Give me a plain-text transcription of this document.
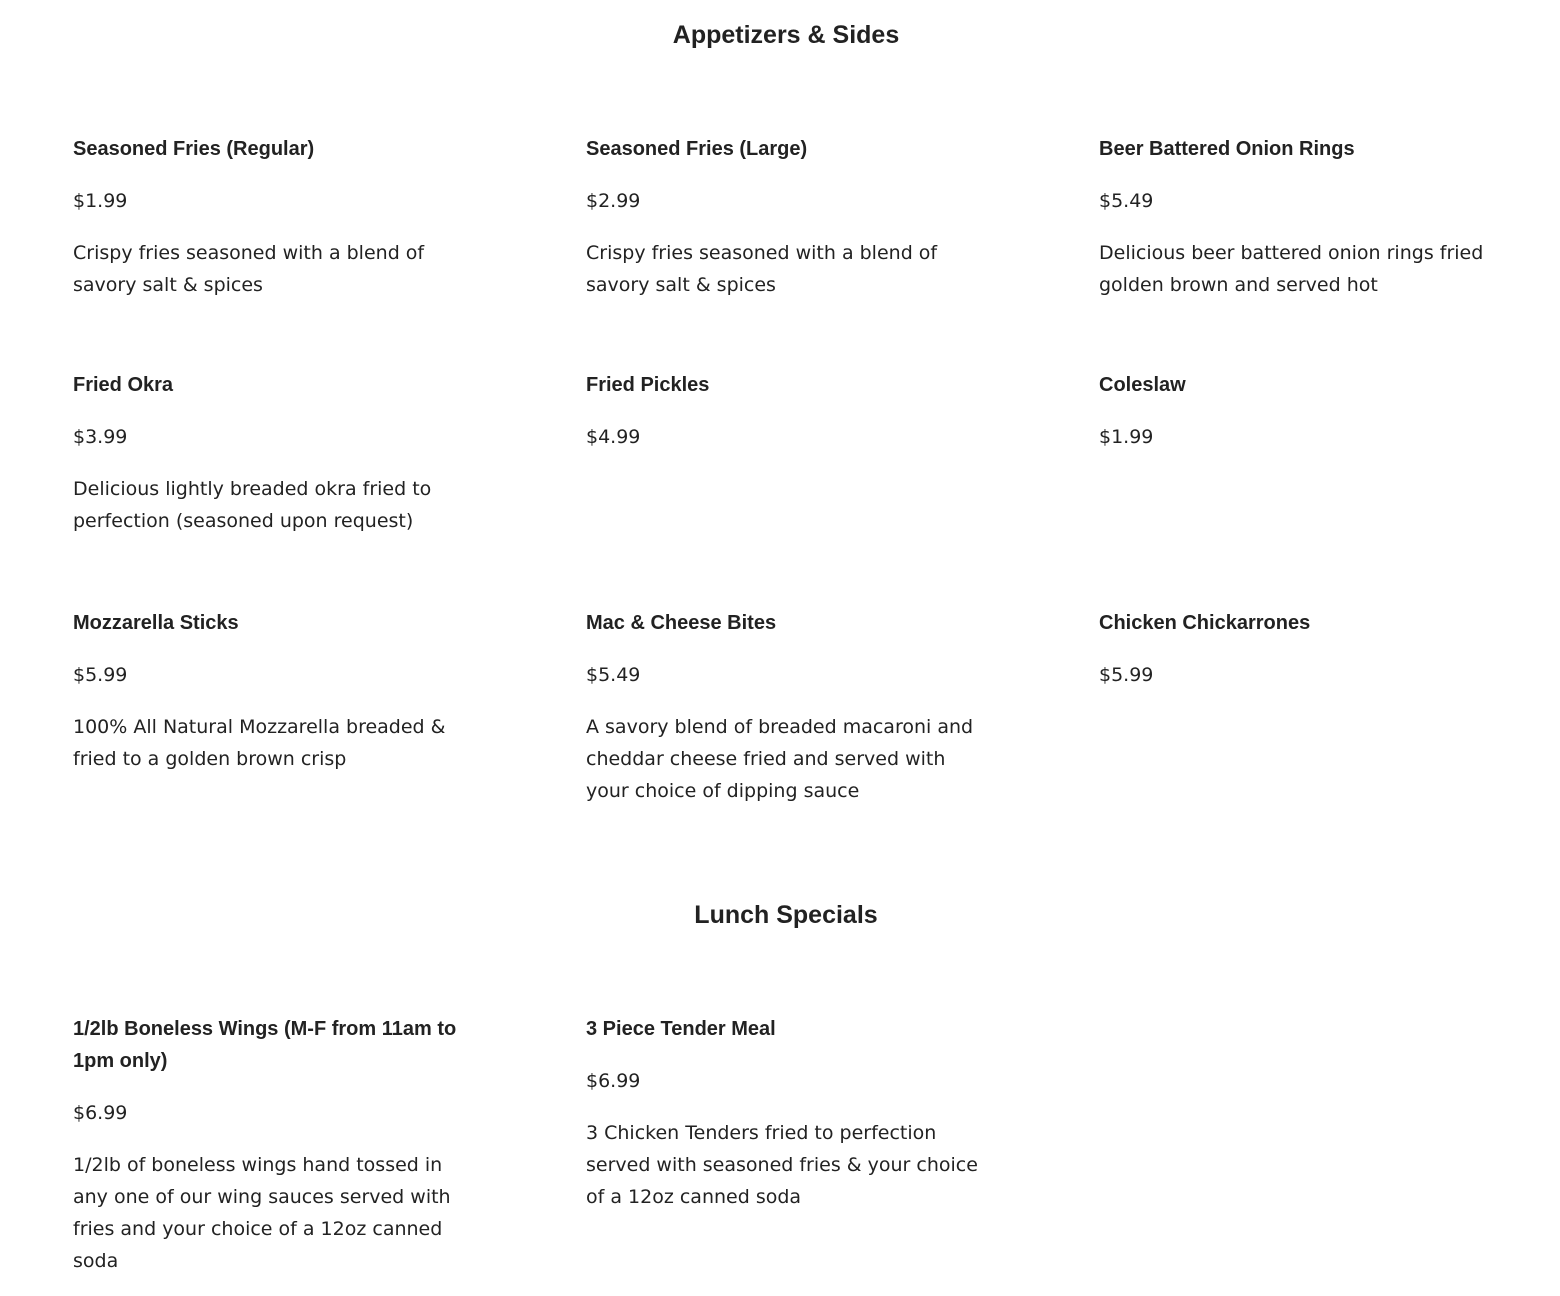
Appetizers & Sides

Seasoned Fries (Regular)

$1.99

Crispy fries seasoned with a blend of savory salt & spices

Seasoned Fries (Large)

$2.99

Crispy fries seasoned with a blend of savory salt & spices

Beer Battered Onion Rings

$5.49

Delicious beer battered onion rings fried golden brown and served hot

Fried Okra

$3.99

Delicious lightly breaded okra fried to perfection (seasoned upon request)

Fried Pickles

$4.99

Coleslaw

$1.99

Mozzarella Sticks

$5.99

100% All Natural Mozzarella breaded & fried to a golden brown crisp

Mac & Cheese Bites

$5.49

A savory blend of breaded macaroni and cheddar cheese fried and served with your choice of dipping sauce

Chicken Chickarrones

$5.99

Lunch Specials

1/2lb Boneless Wings (M-F from 11am to 1pm only)

$6.99

1/2lb of boneless wings hand tossed in any one of our wing sauces served with fries and your choice of a 12oz canned soda

3 Piece Tender Meal

$6.99

3 Chicken Tenders fried to perfection served with seasoned fries & your choice of a 12oz canned soda
